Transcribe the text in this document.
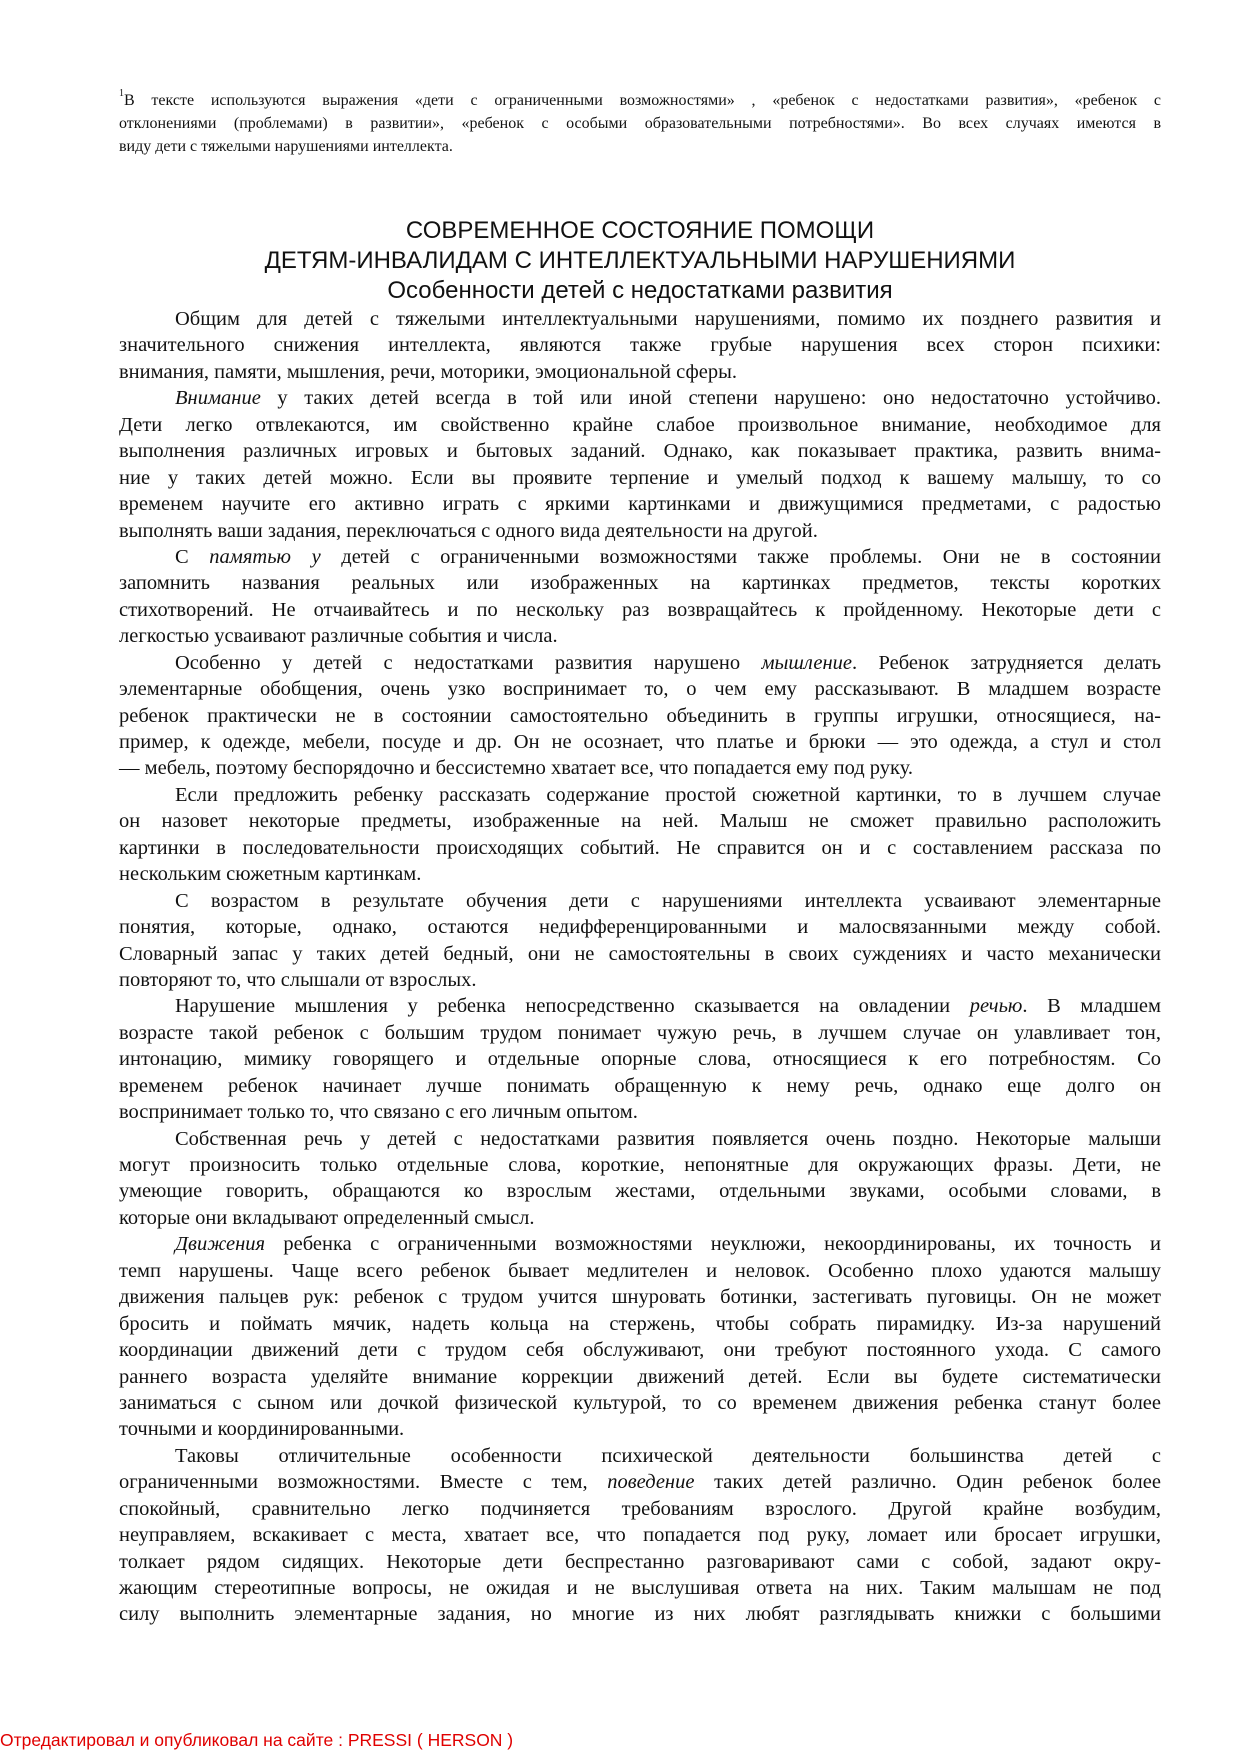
$^1$В тексте используются выражения «дети с ограниченными возможностями» , «ребенок с недостатками развития», «ребенок с
отклонениями (проблемами) в развитии», «ребенок с особыми образовательными потребностями». Во всех случаях имеются в
виду дети с тяжелыми нарушениями интеллекта.
СОВРЕМЕННОЕ СОСТОЯНИЕ ПОМОЩИ
ДЕТЯМ-ИНВАЛИДАМ С ИНТЕЛЛЕКТУАЛЬНЫМИ НАРУШЕНИЯМИ
Особенности детей с недостатками развития
Общим для детей с тяжелыми интеллектуальными нарушениями, помимо их позднего развития и
значительного снижения интеллекта, являются также грубые нарушения всех сторон психики:
внимания, памяти, мышления, речи, моторики, эмоциональной сферы.
Внимание у таких детей всегда в той или иной степени нарушено: оно недостаточно устойчиво.
Дети легко отвлекаются, им свойственно крайне слабое произвольное внимание, необходимое для
выполнения различных игровых и бытовых заданий. Однако, как показывает практика, развить внима-
ние у таких детей можно. Если вы проявите терпение и умелый подход к вашему малышу, то со
временем научите его активно играть с яркими картинками и движущимися предметами, с радостью
выполнять ваши задания, переключаться с одного вида деятельности на другой.
С памятью у детей с ограниченными возможностями также проблемы. Они не в состоянии
запомнить названия реальных или изображенных на картинках предметов, тексты коротких
стихотворений. Не отчаивайтесь и по нескольку раз возвращайтесь к пройденному. Некоторые дети с
легкостью усваивают различные события и числа.
Особенно у детей с недостатками развития нарушено мышление. Ребенок затрудняется делать
элементарные обобщения, очень узко воспринимает то, о чем ему рассказывают. В младшем возрасте
ребенок практически не в состоянии самостоятельно объединить в группы игрушки, относящиеся, на-
пример, к одежде, мебели, посуде и др. Он не осознает, что платье и брюки — это одежда, а стул и стол
— мебель, поэтому беспорядочно и бессистемно хватает все, что попадается ему под руку.
Если предложить ребенку рассказать содержание простой сюжетной картинки, то в лучшем случае
он назовет некоторые предметы, изображенные на ней. Малыш не сможет правильно расположить
картинки в последовательности происходящих событий. Не справится он и с составлением рассказа по
нескольким сюжетным картинкам.
С возрастом в результате обучения дети с нарушениями интеллекта усваивают элементарные
понятия, которые, однако, остаются недифференцированными и малосвязанными между собой.
Словарный запас у таких детей бедный, они не самостоятельны в своих суждениях и часто механически
повторяют то, что слышали от взрослых.
Нарушение мышления у ребенка непосредственно сказывается на овладении речью. В младшем
возрасте такой ребенок с большим трудом понимает чужую речь, в лучшем случае он улавливает тон,
интонацию, мимику говорящего и отдельные опорные слова, относящиеся к его потребностям. Со
временем ребенок начинает лучше понимать обращенную к нему речь, однако еще долго он
воспринимает только то, что связано с его личным опытом.
Собственная речь у детей с недостатками развития появляется очень поздно. Некоторые малыши
могут произносить только отдельные слова, короткие, непонятные для окружающих фразы. Дети, не
умеющие говорить, обращаются ко взрослым жестами, отдельными звуками, особыми словами, в
которые они вкладывают определенный смысл.
Движения ребенка с ограниченными возможностями неуклюжи, некоординированы, их точность и
темп нарушены. Чаще всего ребенок бывает медлителен и неловок. Особенно плохо удаются малышу
движения пальцев рук: ребенок с трудом учится шнуровать ботинки, застегивать пуговицы. Он не может
бросить и поймать мячик, надеть кольца на стержень, чтобы собрать пирамидку. Из-за нарушений
координации движений дети с трудом себя обслуживают, они требуют постоянного ухода. С самого
раннего возраста уделяйте внимание коррекции движений детей. Если вы будете систематически
заниматься с сыном или дочкой физической культурой, то со временем движения ребенка станут более
точными и координированными.
Таковы отличительные особенности психической деятельности большинства детей с
ограниченными возможностями. Вместе с тем, поведение таких детей различно. Один ребенок более
спокойный, сравнительно легко подчиняется требованиям взрослого. Другой крайне возбудим,
неуправляем, вскакивает с места, хватает все, что попадается под руку, ломает или бросает игрушки,
толкает рядом сидящих. Некоторые дети беспрестанно разговаривают сами с собой, задают окру-
жающим стереотипные вопросы, не ожидая и не выслушивая ответа на них. Таким малышам не под
силу выполнить элементарные задания, но многие из них любят разглядывать книжки с большими
Отредактировал и опубликовал на сайте : PRESSI ( HERSON )
